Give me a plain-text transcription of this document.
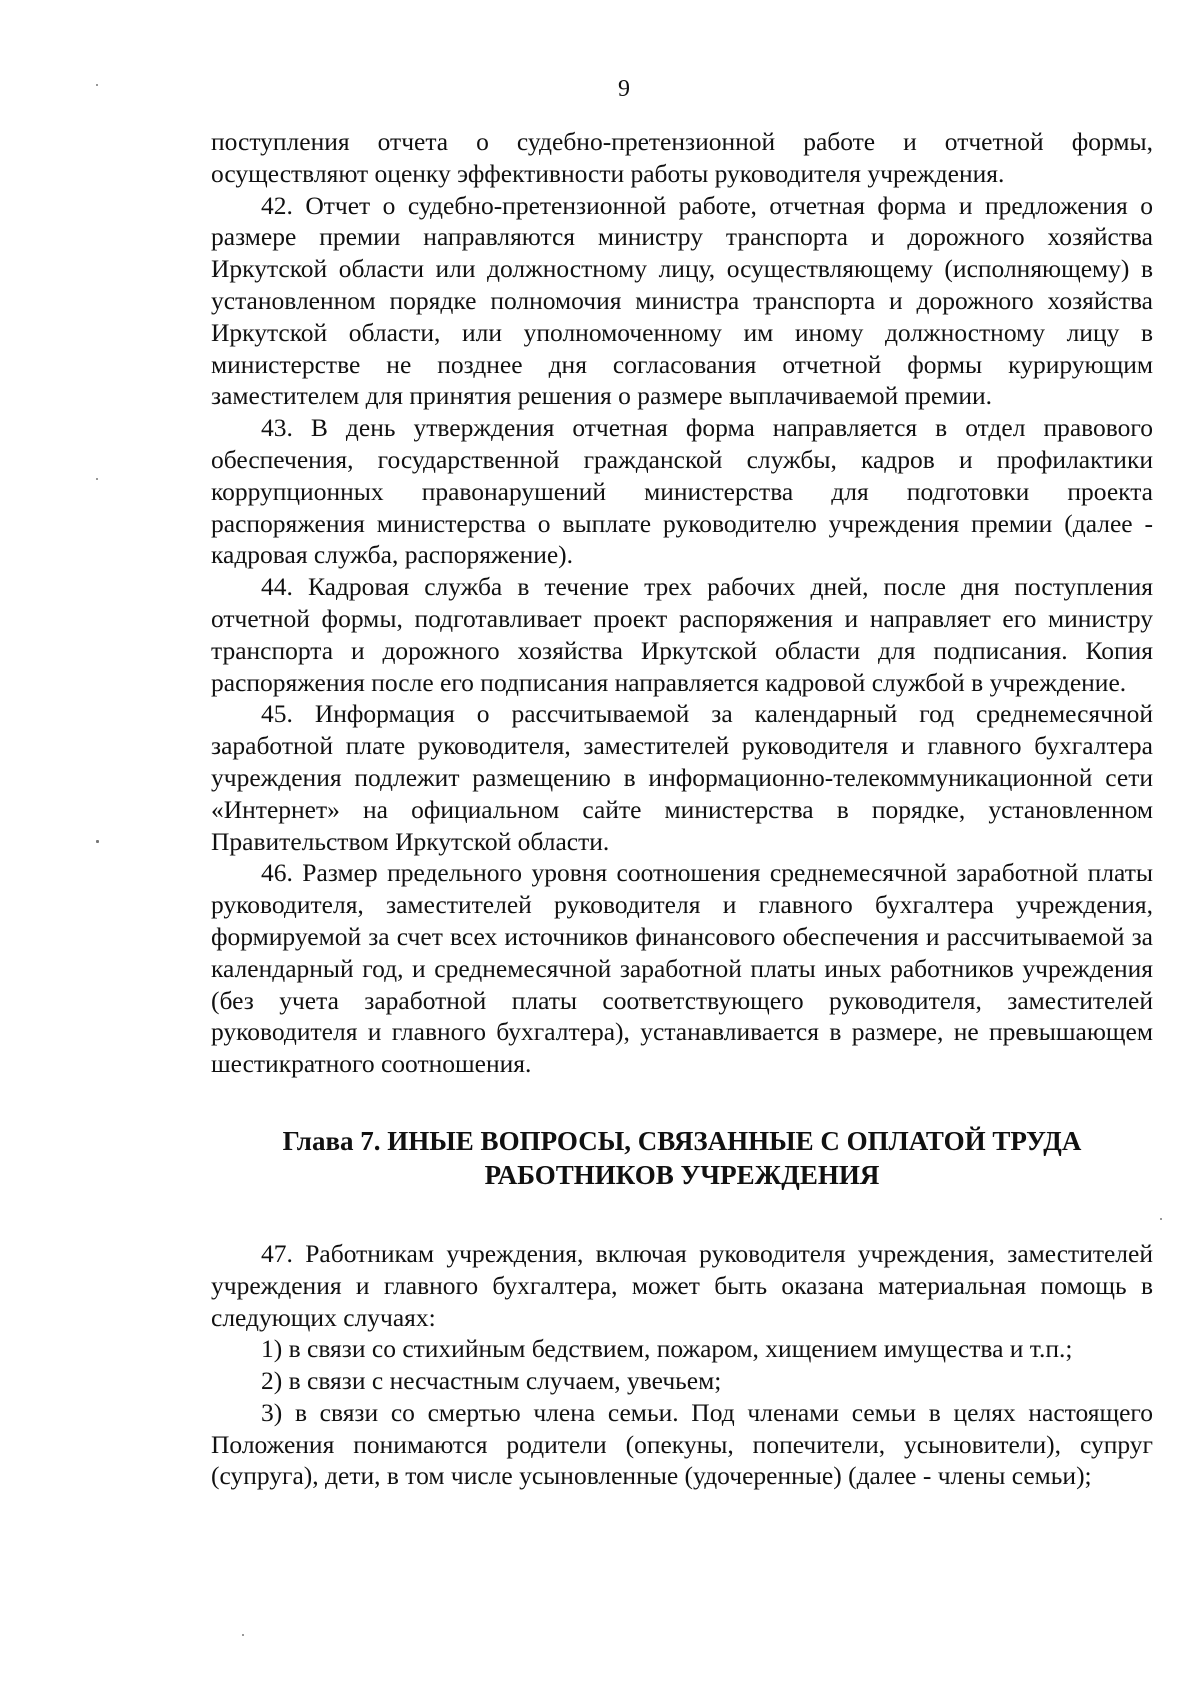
9

поступления отчета о судебно-претензионной работе и отчетной формы, осуществляют оценку эффективности работы руководителя учреждения.

42. Отчет о судебно-претензионной работе, отчетная форма и предложения о размере премии направляются министру транспорта и дорожного хозяйства Иркутской области или должностному лицу, осуществляющему (исполняющему) в установленном порядке полномочия министра транспорта и дорожного хозяйства Иркутской области, или уполномоченному им иному должностному лицу в министерстве не позднее дня согласования отчетной формы курирующим заместителем для принятия решения о размере выплачиваемой премии.

43. В день утверждения отчетная форма направляется в отдел правового обеспечения, государственной гражданской службы, кадров и профилактики коррупционных правонарушений министерства для подготовки проекта распоряжения министерства о выплате руководителю учреждения премии (далее - кадровая служба, распоряжение).

44. Кадровая служба в течение трех рабочих дней, после дня поступления отчетной формы, подготавливает проект распоряжения и направляет его министру транспорта и дорожного хозяйства Иркутской области для подписания. Копия распоряжения после его подписания направляется кадровой службой в учреждение.

45. Информация о рассчитываемой за календарный год среднемесячной заработной плате руководителя, заместителей руководителя и главного бухгалтера учреждения подлежит размещению в информационно-телекоммуникационной сети «Интернет» на официальном сайте министерства в порядке, установленном Правительством Иркутской области.

46. Размер предельного уровня соотношения среднемесячной заработной платы руководителя, заместителей руководителя и главного бухгалтера учреждения, формируемой за счет всех источников финансового обеспечения и рассчитываемой за календарный год, и среднемесячной заработной платы иных работников учреждения (без учета заработной платы соответствующего руководителя, заместителей руководителя и главного бухгалтера), устанавливается в размере, не превышающем шестикратного соотношения.

Глава 7. ИНЫЕ ВОПРОСЫ, СВЯЗАННЫЕ С ОПЛАТОЙ ТРУДА
РАБОТНИКОВ УЧРЕЖДЕНИЯ

47. Работникам учреждения, включая руководителя учреждения, заместителей учреждения и главного бухгалтера, может быть оказана материальная помощь в следующих случаях:

1) в связи со стихийным бедствием, пожаром, хищением имущества и т.п.;

2) в связи с несчастным случаем, увечьем;

3) в связи со смертью члена семьи. Под членами семьи в целях настоящего Положения понимаются родители (опекуны, попечители, усыновители), супруг (супруга), дети, в том числе усыновленные (удочеренные) (далее - члены семьи);
